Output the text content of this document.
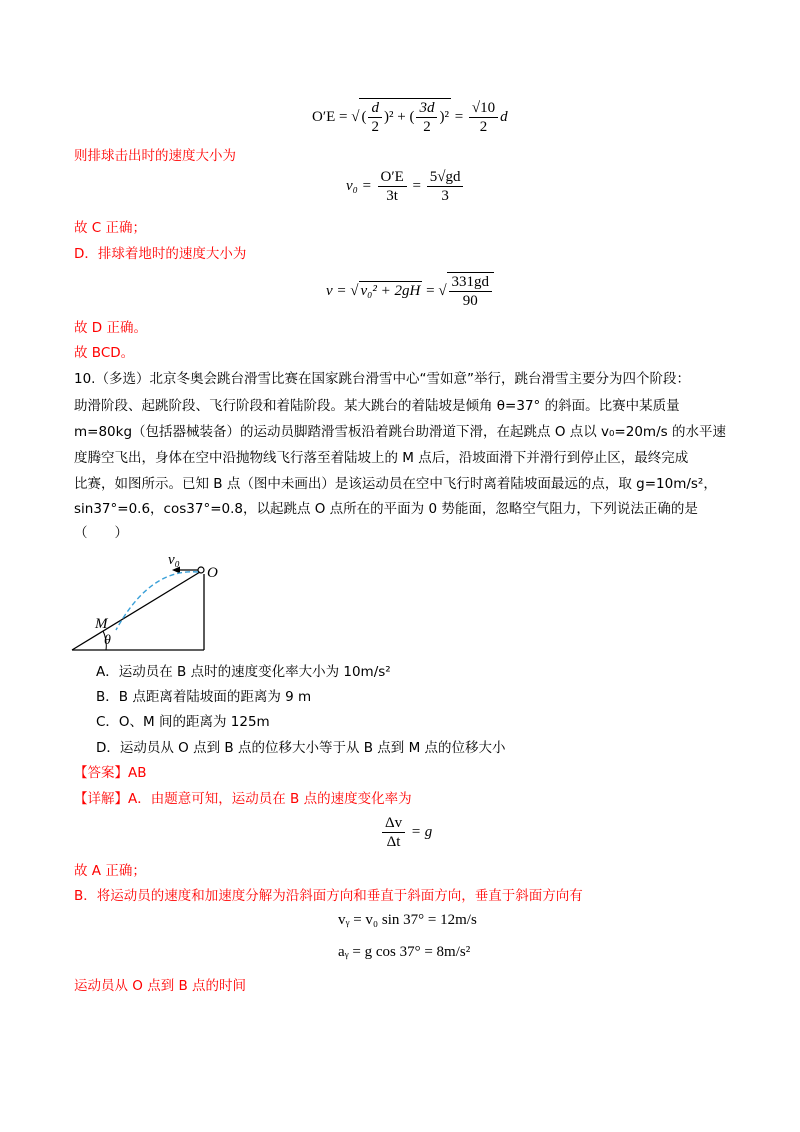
O′E = √ ( $\frac{d}{2} )^2$ + ( $\frac{3d}{2} )^2 = \frac{√10}{2}$ d
则排球击出时的速度大小为
$v_0 = \frac{O'E}{3t} = \frac{5√gd}{3}$
故 C 正确；
D．排球着地时的速度大小为
v = √ v₀² + 2gH = √ $\frac{331gd}{90}$
故 D 正确。
故 BCD。
10.（多选）北京冬奥会跳台滑雪比赛在国家跳台滑雪中心“雪如意”举行，跳台滑雪主要分为四个阶段：
助滑阶段、起跳阶段、飞行阶段和着陆阶段。某大跳台的着陆坡是倾角 θ=37° 的斜面。比赛中某质量
m=80kg（包括器械装备）的运动员脚踏滑雪板沿着跳台助滑道下滑，在起跳点 O 点以 v₀=20m/s 的水平速
度腾空飞出，身体在空中沿抛物线飞行落至着陆坡上的 M 点后，沿坡面滑下并滑行到停止区，最终完成
比赛，如图所示。已知 B 点（图中未画出）是该运动员在空中飞行时离着陆坡面最远的点，取 g=10m/s²，
sin37°=0.6，cos37°=0.8，以起跳点 O 点所在的平面为 0 势能面，忽略空气阻力，下列说法正确的是
（　　）
v₀
O
M
θ
A．运动员在 B 点时的速度变化率大小为 10m/s²
B．B 点距离着陆坡面的距离为 9 m
C．O、M 间的距离为 125m
D．运动员从 O 点到 B 点的位移大小等于从 B 点到 M 点的位移大小
【答案】AB
【详解】A．由题意可知，运动员在 B 点的速度变化率为
$\frac{\Delta v}{\Delta t} = g$
故 A 正确；
B．将运动员的速度和加速度分解为沿斜面方向和垂直于斜面方向，垂直于斜面方向有
vᵧ = v₀ sin 37° = 12m/s
aᵧ = g cos 37° = 8m/s²
运动员从 O 点到 B 点的时间
